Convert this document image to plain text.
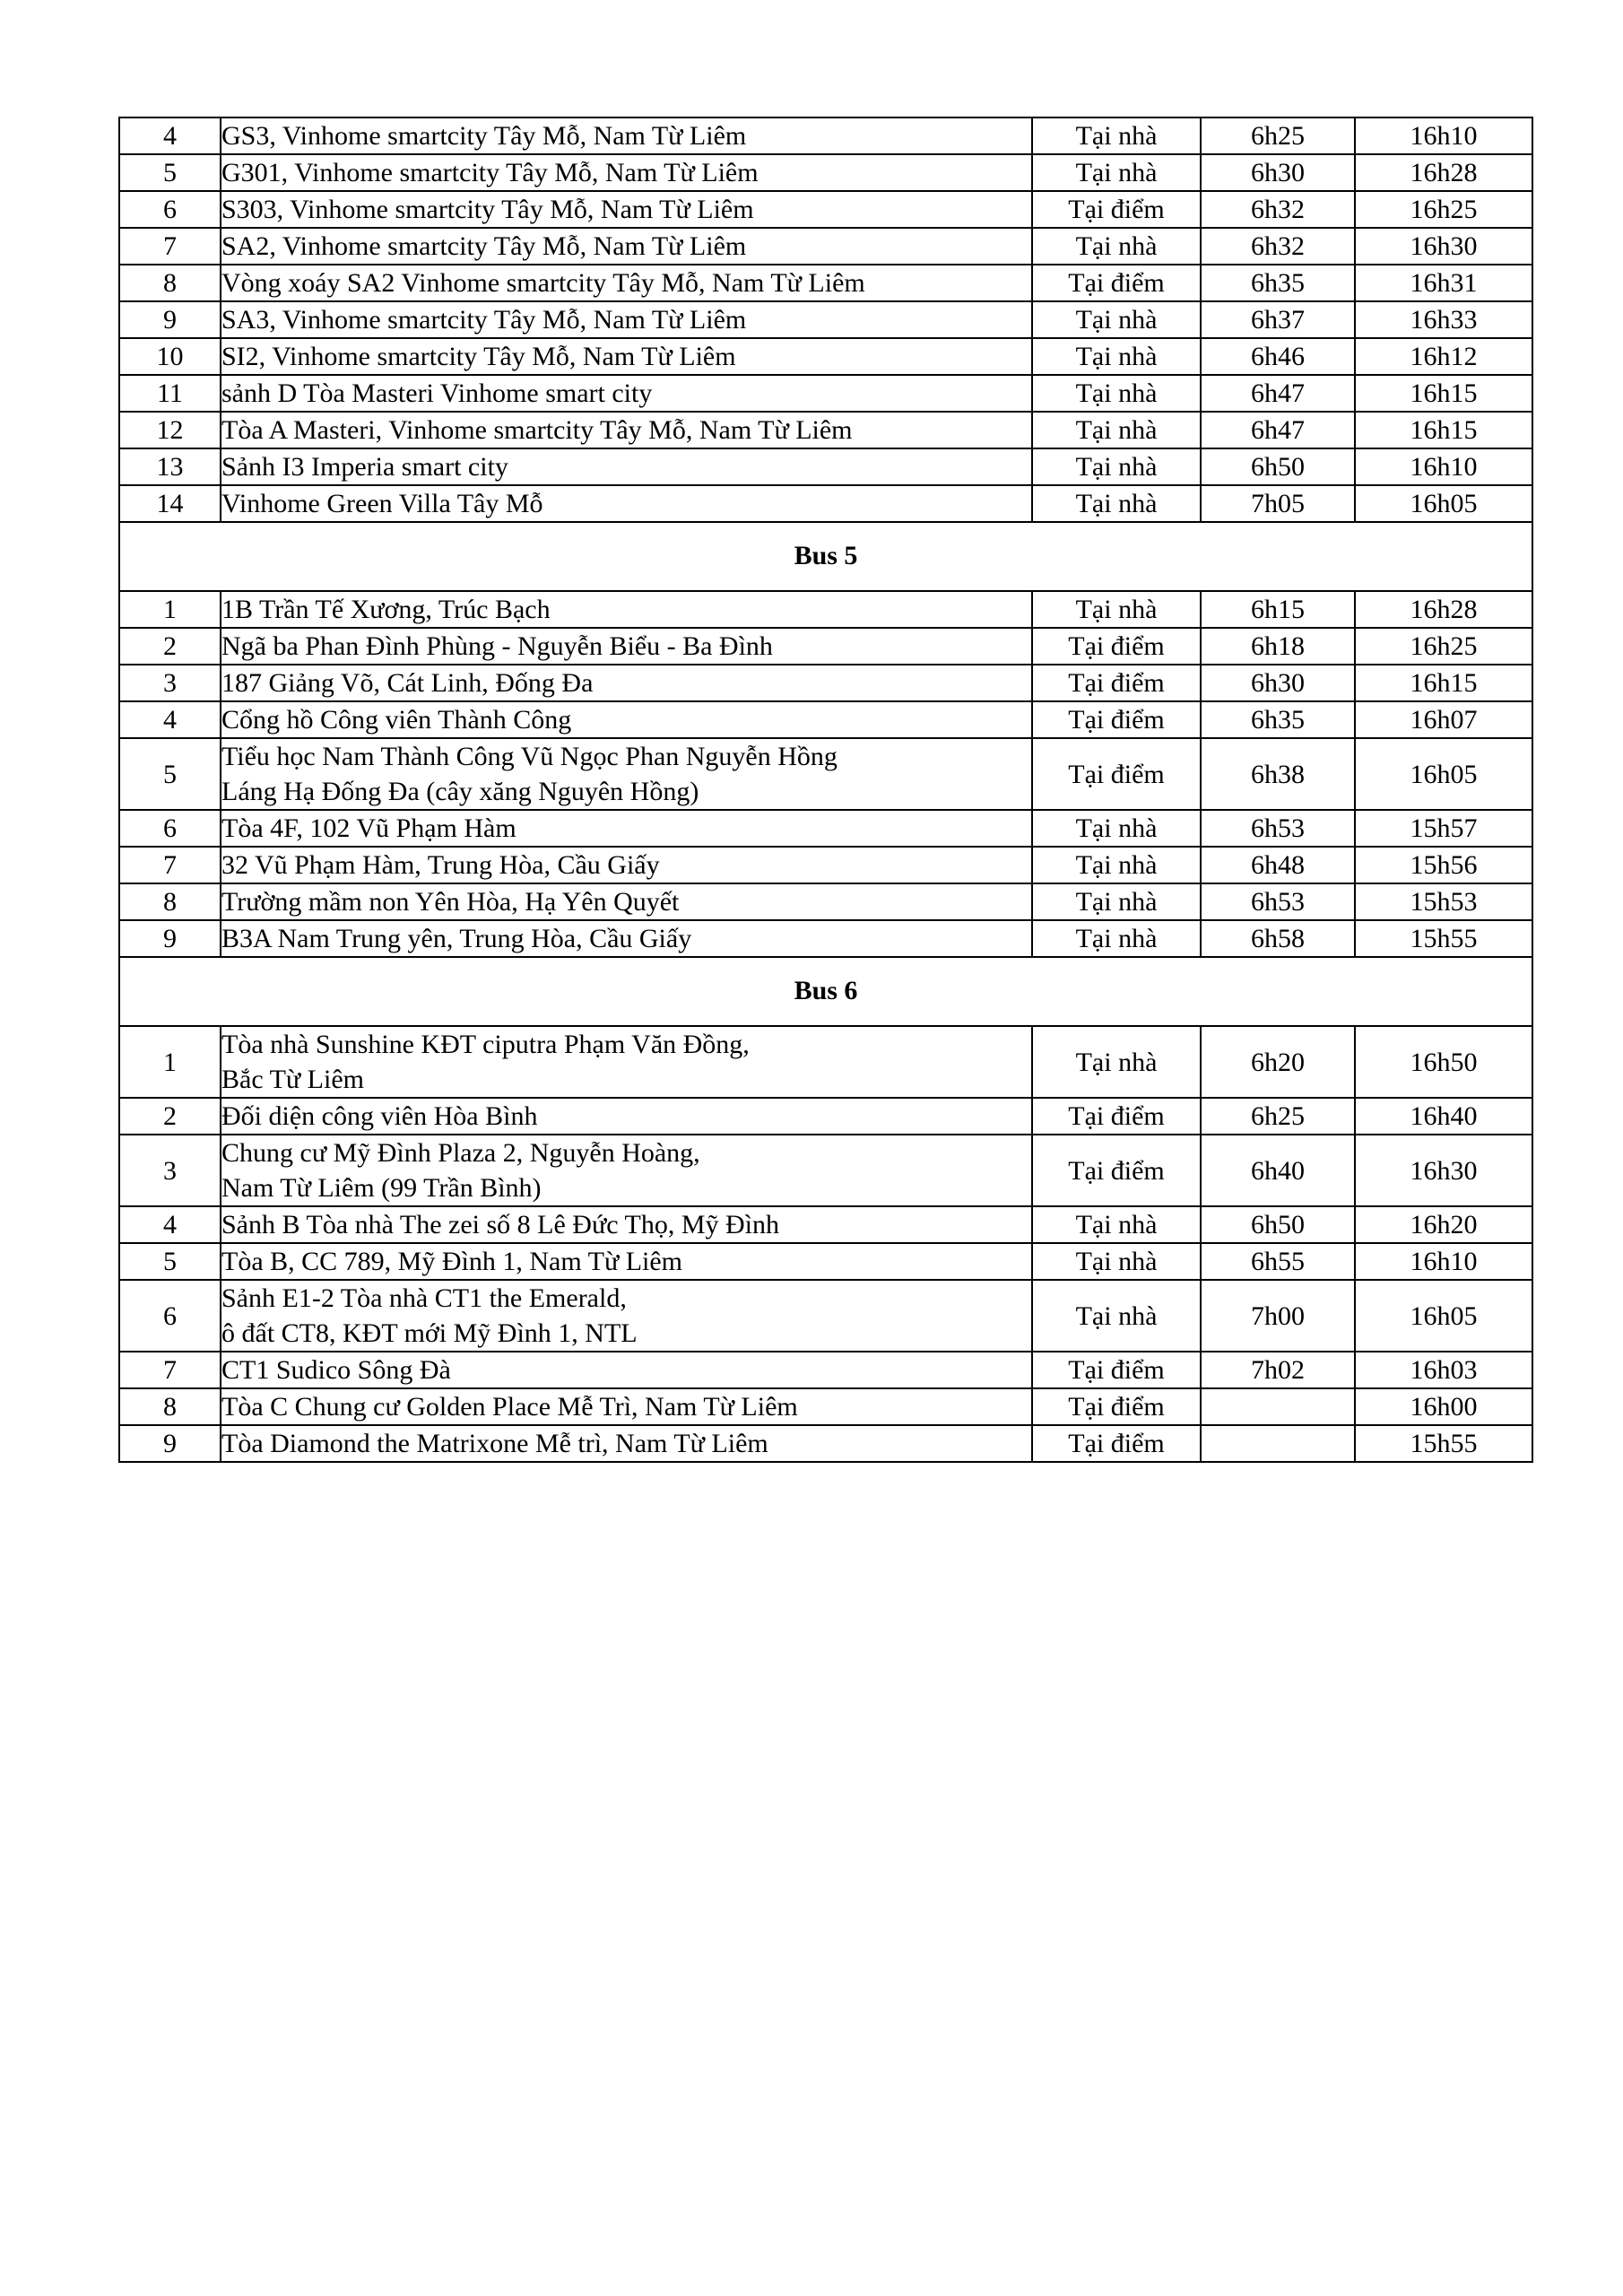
4	GS3, Vinhome smartcity Tây Mỗ, Nam Từ Liêm	Tại nhà	6h25	16h10
5	G301, Vinhome smartcity Tây Mỗ, Nam Từ Liêm	Tại nhà	6h30	16h28
6	S303, Vinhome smartcity Tây Mỗ, Nam Từ Liêm	Tại điểm	6h32	16h25
7	SA2, Vinhome smartcity Tây Mỗ, Nam Từ Liêm	Tại nhà	6h32	16h30
8	Vòng xoáy SA2 Vinhome smartcity Tây Mỗ, Nam Từ Liêm	Tại điểm	6h35	16h31
9	SA3, Vinhome smartcity Tây Mỗ, Nam Từ Liêm	Tại nhà	6h37	16h33
10	SI2, Vinhome smartcity Tây Mỗ, Nam Từ Liêm	Tại nhà	6h46	16h12
11	sảnh D Tòa Masteri Vinhome smart city	Tại nhà	6h47	16h15
12	Tòa A Masteri, Vinhome smartcity Tây Mỗ, Nam Từ Liêm	Tại nhà	6h47	16h15
13	Sảnh I3 Imperia smart city	Tại nhà	6h50	16h10
14	Vinhome Green Villa Tây Mỗ	Tại nhà	7h05	16h05
Bus 5				
1	1B Trần Tế Xương, Trúc Bạch	Tại nhà	6h15	16h28
2	Ngã ba Phan Đình Phùng - Nguyễn Biểu - Ba Đình	Tại điểm	6h18	16h25
3	187 Giảng Võ, Cát Linh, Đống Đa	Tại điểm	6h30	16h15
4	Cổng hồ Công viên Thành Công	Tại điểm	6h35	16h07
5	Tiểu học Nam Thành Công Vũ Ngọc Phan Nguyễn Hồng
Láng Hạ Đống Đa (cây xăng Nguyên Hồng)	Tại điểm	6h38	16h05
6	Tòa 4F, 102 Vũ Phạm Hàm	Tại nhà	6h53	15h57
7	32 Vũ Phạm Hàm, Trung Hòa, Cầu Giấy	Tại nhà	6h48	15h56
8	Trường mầm non Yên Hòa, Hạ Yên Quyết	Tại nhà	6h53	15h53
9	B3A Nam Trung yên, Trung Hòa, Cầu Giấy	Tại nhà	6h58	15h55
Bus 6				
1	Tòa nhà Sunshine KĐT ciputra Phạm Văn Đồng,
Bắc Từ Liêm	Tại nhà	6h20	16h50
2	Đối diện công viên Hòa Bình	Tại điểm	6h25	16h40
3	Chung cư Mỹ Đình Plaza 2, Nguyễn Hoàng,
Nam Từ Liêm (99 Trần Bình)	Tại điểm	6h40	16h30
4	Sảnh B Tòa nhà The zei số 8 Lê Đức Thọ, Mỹ Đình	Tại nhà	6h50	16h20
5	Tòa B, CC 789, Mỹ Đình 1, Nam Từ Liêm	Tại nhà	6h55	16h10
6	Sảnh E1-2 Tòa nhà CT1 the Emerald,
ô đất CT8, KĐT mới Mỹ Đình 1, NTL	Tại nhà	7h00	16h05
7	CT1 Sudico Sông Đà	Tại điểm	7h02	16h03
8	Tòa C Chung cư Golden Place Mễ Trì, Nam Từ Liêm	Tại điểm		16h00
9	Tòa Diamond the Matrixone Mễ trì, Nam Từ Liêm	Tại điểm		15h55
